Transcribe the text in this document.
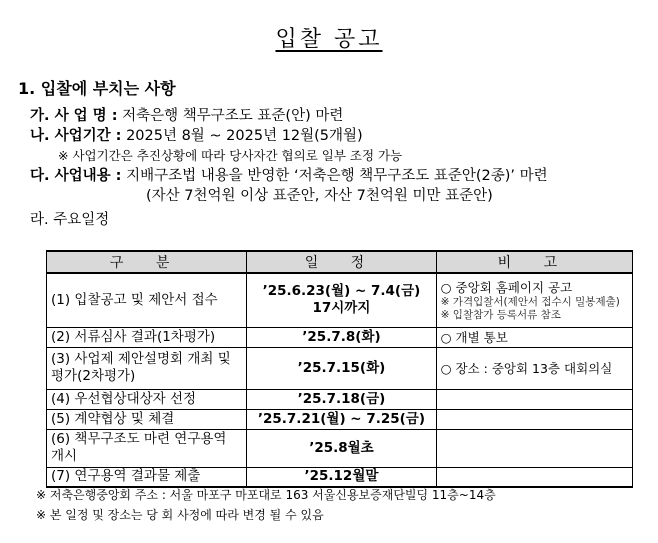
입찰 공고
1. 입찰에 부치는 사항
가. 사 업 명 : 저축은행 책무구조도 표준(안) 마련
나. 사업기간 : 2025년 8월 ~ 2025년 12월(5개월)
※ 사업기간은 추진상황에 따라 당사자간 협의로 일부 조정 가능
다. 사업내용 : 지배구조법 내용을 반영한 ‘저축은행 책무구조도 표준안(2종)’ 마련
(자산 7천억원 이상 표준안, 자산 7천억원 미만 표준안)
라. 주요일정
구 분	일 정	비 고
(1) 입찰공고 및 제안서 접수	’25.6.23(월) ~ 7.4(금) 17시까지	○ 중앙회 홈페이지 공고
※ 가격입찰서(제안서 접수시 밀봉제출)
※ 입찰참가 등록서류 참조

(2) 서류심사 결과(1차평가)	’25.7.8(화)	○ 개별 통보
(3) 사업제 제안설명회 개최 및 평가(2차평가)	’25.7.15(화)	○ 장소 : 중앙회 13층 대회의실
(4) 우선협상대상자 선정	’25.7.18(금)	
(5) 계약협상 및 체결	’25.7.21(월) ~ 7.25(금)	
(6) 책무구조도 마련 연구용역 개시	’25.8월초	
(7) 연구용역 결과물 제출	’25.12월말	
※ 저축은행중앙회 주소 : 서울 마포구 마포대로 163 서울신용보증재단빌딩 11층~14층
※ 본 일정 및 장소는 당 회 사정에 따라 변경 될 수 있음
